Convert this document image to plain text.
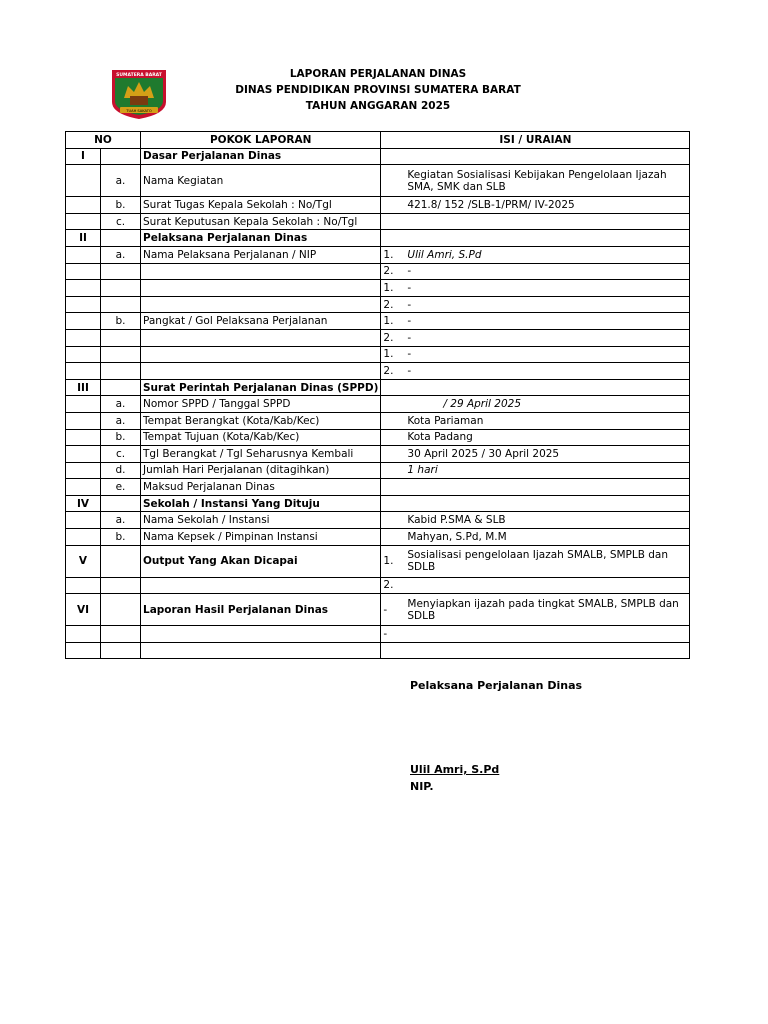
LAPORAN PERJALANAN DINAS
DINAS PENDIDIKAN PROVINSI SUMATERA BARAT
TAHUN ANGGARAN 2025
SUMATERA BARAT
TUAH SAKATO
NO		POKOK LAPORAN	ISI / URAIAN
I		Dasar Perjalanan Dinas	
	a.	Nama Kegiatan	Kegiatan Sosialisasi Kebijakan Pengelolaan Ijazah SMA, SMK dan SLB
	b.	Surat Tugas Kepala Sekolah : No/Tgl	421.8/ 152 /SLB-1/PRM/ IV-2025
	c.	Surat Keputusan Kepala Sekolah : No/Tgl	
II		Pelaksana Perjalanan Dinas	
	a.	Nama Pelaksana Perjalanan / NIP	1. Ulil Amri, S.Pd
			2. -
			1. -
			2. -
	b.	Pangkat / Gol Pelaksana Perjalanan	1. -
			2. -
			1. -
			2. -
III		Surat Perintah Perjalanan Dinas (SPPD)	
	a.	Nomor SPPD / Tanggal SPPD	/ 29 April 2025
	a.	Tempat Berangkat (Kota/Kab/Kec)	Kota Pariaman
	b.	Tempat Tujuan (Kota/Kab/Kec)	Kota Padang
	c.	Tgl Berangkat / Tgl Seharusnya Kembali	30 April 2025 / 30 April 2025
	d.	Jumlah Hari Perjalanan (ditagihkan)	1 hari
	e.	Maksud Perjalanan Dinas	
IV		Sekolah / Instansi Yang Dituju	
	a.	Nama Sekolah / Instansi	Kabid P.SMA & SLB
	b.	Nama Kepsek / Pimpinan Instansi	Mahyan, S.Pd, M.M
V		Output Yang Akan Dicapai	1. Sosialisasi pengelolaan Ijazah SMALB, SMPLB dan SDLB
			2.
VI		Laporan Hasil Perjalanan Dinas	- Menyiapkan ijazah pada tingkat SMALB, SMPLB dan SDLB
			-

Pelaksana Perjalanan Dinas
Ulil Amri, S.Pd
NIP.
